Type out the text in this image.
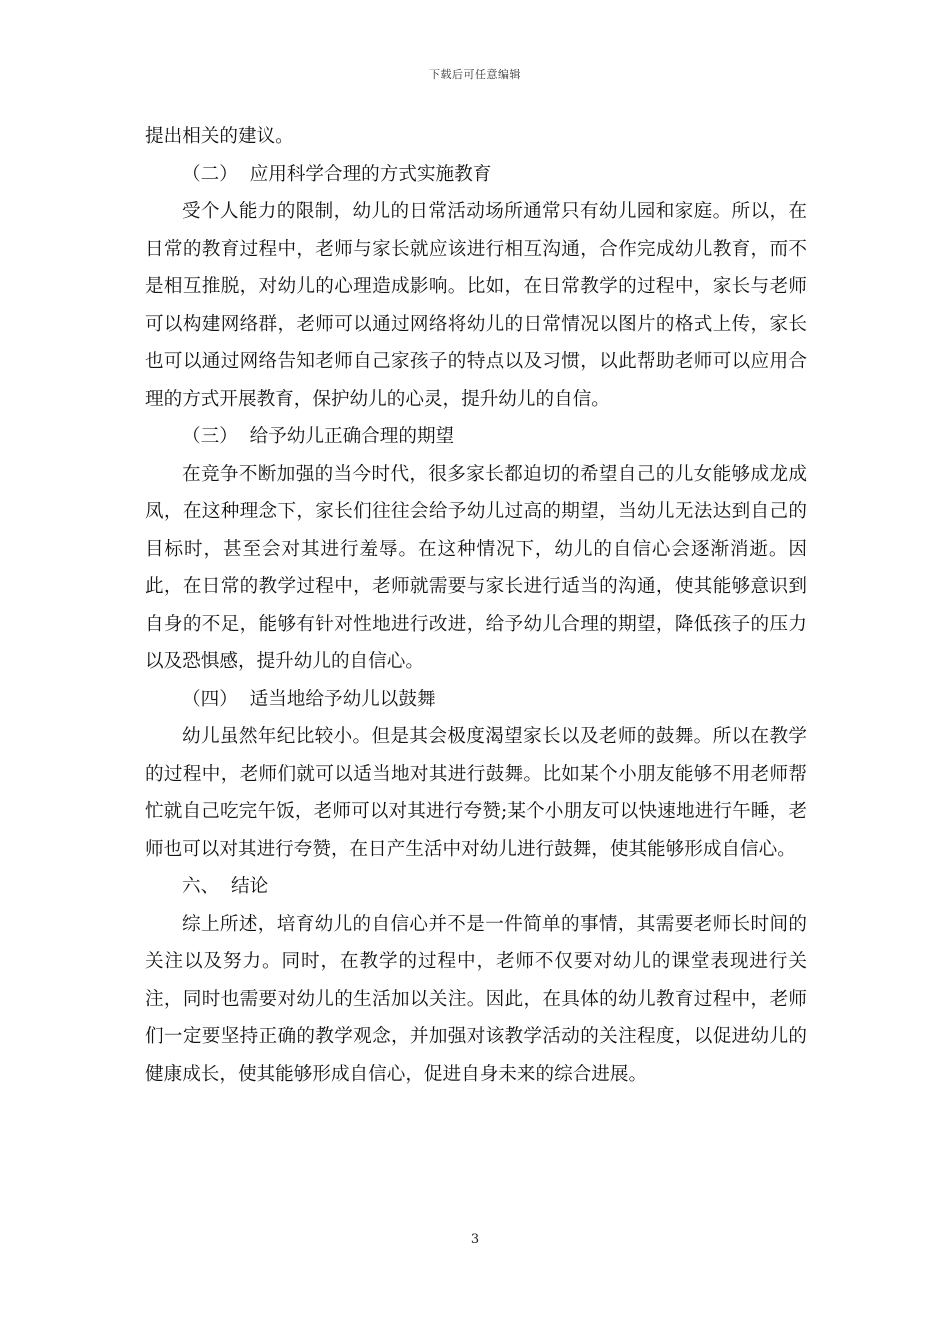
下载后可任意编辑

提出相关的建议。

（二）  应用科学合理的方式实施教育

受个人能力的限制，幼儿的日常活动场所通常只有幼儿园和家庭。所以，在日常的教育过程中，老师与家长就应该进行相互沟通，合作完成幼儿教育，而不是相互推脱，对幼儿的心理造成影响。比如，在日常教学的过程中，家长与老师可以构建网络群，老师可以通过网络将幼儿的日常情况以图片的格式上传，家长也可以通过网络告知老师自己家孩子的特点以及习惯，以此帮助老师可以应用合理的方式开展教育，保护幼儿的心灵，提升幼儿的自信。

（三）  给予幼儿正确合理的期望

在竞争不断加强的当今时代，很多家长都迫切的希望自己的儿女能够成龙成凤，在这种理念下，家长们往往会给予幼儿过高的期望，当幼儿无法达到自己的目标时，甚至会对其进行羞辱。在这种情况下，幼儿的自信心会逐渐消逝。因此，在日常的教学过程中，老师就需要与家长进行适当的沟通，使其能够意识到自身的不足，能够有针对性地进行改进，给予幼儿合理的期望，降低孩子的压力以及恐惧感，提升幼儿的自信心。

（四）  适当地给予幼儿以鼓舞

幼儿虽然年纪比较小。但是其会极度渴望家长以及老师的鼓舞。所以在教学的过程中，老师们就可以适当地对其进行鼓舞。比如某个小朋友能够不用老师帮忙就自己吃完午饭，老师可以对其进行夸赞;某个小朋友可以快速地进行午睡，老师也可以对其进行夸赞，在日产生活中对幼儿进行鼓舞，使其能够形成自信心。

六、  结论

综上所述，培育幼儿的自信心并不是一件简单的事情，其需要老师长时间的关注以及努力。同时，在教学的过程中，老师不仅要对幼儿的课堂表现进行关注，同时也需要对幼儿的生活加以关注。因此，在具体的幼儿教育过程中，老师们一定要坚持正确的教学观念，并加强对该教学活动的关注程度，以促进幼儿的健康成长，使其能够形成自信心，促进自身未来的综合进展。

3
